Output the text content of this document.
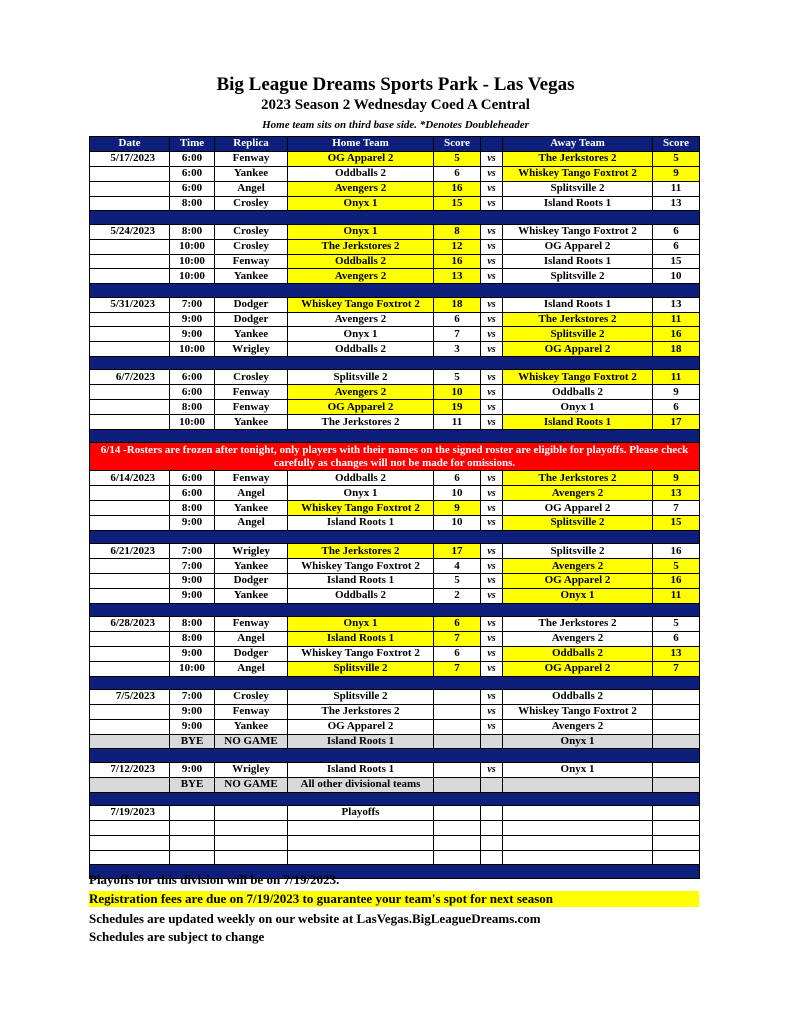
Big League Dreams Sports Park - Las Vegas
2023 Season 2 Wednesday Coed A Central
Home team sits on third base side. *Denotes Doubleheader
Date	Time	Replica	Home Team	Score		Away Team	Score
5/17/2023	6:00	Fenway	OG Apparel 2	5	vs	The Jerkstores 2	5
	6:00	Yankee	Oddballs 2	6	vs	Whiskey Tango Foxtrot 2	9
	6:00	Angel	Avengers 2	16	vs	Splitsville 2	11
	8:00	Crosley	Onyx 1	15	vs	Island Roots 1	13

5/24/2023	8:00	Crosley	Onyx 1	8	vs	Whiskey Tango Foxtrot 2	6
	10:00	Crosley	The Jerkstores 2	12	vs	OG Apparel 2	6
	10:00	Fenway	Oddballs 2	16	vs	Island Roots 1	15
	10:00	Yankee	Avengers 2	13	vs	Splitsville 2	10

5/31/2023	7:00	Dodger	Whiskey Tango Foxtrot 2	18	vs	Island Roots 1	13
	9:00	Dodger	Avengers 2	6	vs	The Jerkstores 2	11
	9:00	Yankee	Onyx 1	7	vs	Splitsville 2	16
	10:00	Wrigley	Oddballs 2	3	vs	OG Apparel 2	18

6/7/2023	6:00	Crosley	Splitsville 2	5	vs	Whiskey Tango Foxtrot 2	11
	6:00	Fenway	Avengers 2	10	vs	Oddballs 2	9
	8:00	Fenway	OG Apparel 2	19	vs	Onyx 1	6
	10:00	Yankee	The Jerkstores 2	11	vs	Island Roots 1	17

6/14 -Rosters are frozen after tonight, only players with their names on the signed roster are eligible for playoffs. Please check carefully as changes will not be made for omissions.							
6/14/2023	6:00	Fenway	Oddballs 2	6	vs	The Jerkstores 2	9
	6:00	Angel	Onyx 1	10	vs	Avengers 2	13
	8:00	Yankee	Whiskey Tango Foxtrot 2	9	vs	OG Apparel 2	7
	9:00	Angel	Island Roots 1	10	vs	Splitsville 2	15

6/21/2023	7:00	Wrigley	The Jerkstores 2	17	vs	Splitsville 2	16
	7:00	Yankee	Whiskey Tango Foxtrot 2	4	vs	Avengers 2	5
	9:00	Dodger	Island Roots 1	5	vs	OG Apparel 2	16
	9:00	Yankee	Oddballs 2	2	vs	Onyx 1	11

6/28/2023	8:00	Fenway	Onyx 1	6	vs	The Jerkstores 2	5
	8:00	Angel	Island Roots 1	7	vs	Avengers 2	6
	9:00	Dodger	Whiskey Tango Foxtrot 2	6	vs	Oddballs 2	13
	10:00	Angel	Splitsville 2	7	vs	OG Apparel 2	7

7/5/2023	7:00	Crosley	Splitsville 2		vs	Oddballs 2	
	9:00	Fenway	The Jerkstores 2		vs	Whiskey Tango Foxtrot 2	
	9:00	Yankee	OG Apparel 2		vs	Avengers 2	
	BYE	NO GAME	Island Roots 1			Onyx 1	

7/12/2023	9:00	Wrigley	Island Roots 1		vs	Onyx 1	
	BYE	NO GAME	All other divisional teams				

7/19/2023			Playoffs				

Playoffs for this division will be on 7/19/2023.
Registration fees are due on 7/19/2023 to guarantee your team's spot for next season
Schedules are updated weekly on our website at LasVegas.BigLeagueDreams.com
Schedules are subject to change
